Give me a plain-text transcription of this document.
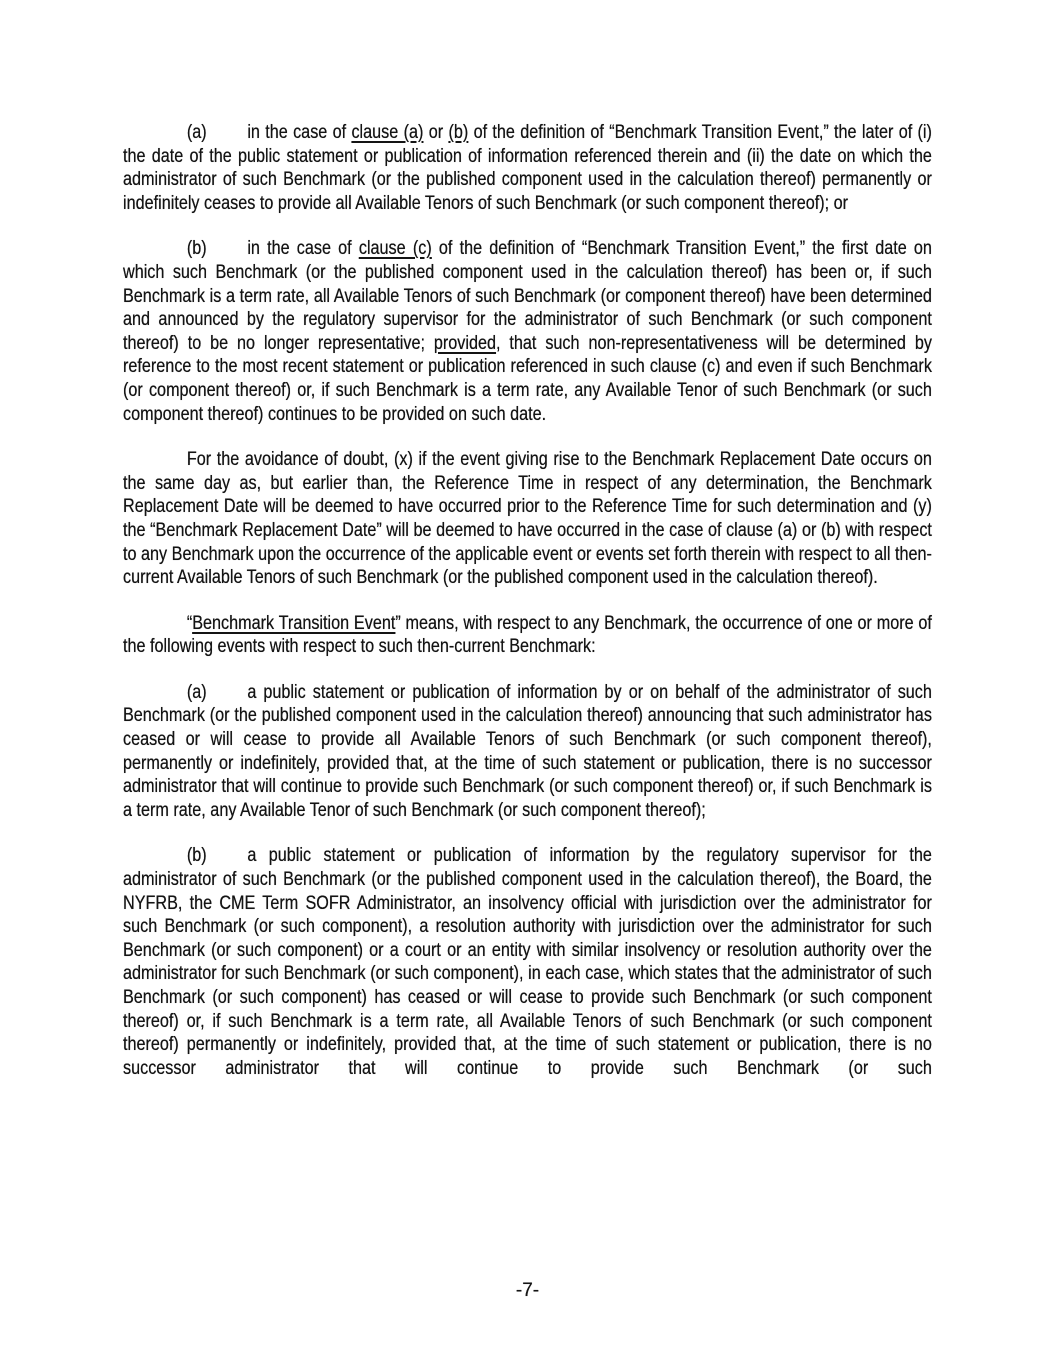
(a) in the case of clause (a) or (b) of the definition of “Benchmark Transition Event,” the later of (i) the date of the public statement or publication of information referenced therein and (ii) the date on which the administrator of such Benchmark (or the published component used in the calculation thereof) permanently or indefinitely ceases to provide all Available Tenors of such Benchmark (or such component thereof); or

(b) in the case of clause (c) of the definition of “Benchmark Transition Event,” the first date on which such Benchmark (or the published component used in the calculation thereof) has been or, if such Benchmark is a term rate, all Available Tenors of such Benchmark (or component thereof) have been determined and announced by the regulatory supervisor for the administrator of such Benchmark (or such component thereof) to be no longer representative; provided, that such non-representativeness will be determined by reference to the most recent statement or publication referenced in such clause (c) and even if such Benchmark (or component thereof) or, if such Benchmark is a term rate, any Available Tenor of such Benchmark (or such component thereof) continues to be provided on such date.

For the avoidance of doubt, (x) if the event giving rise to the Benchmark Replacement Date occurs on the same day as, but earlier than, the Reference Time in respect of any determination, the Benchmark Replacement Date will be deemed to have occurred prior to the Reference Time for such determination and (y) the “Benchmark Replacement Date” will be deemed to have occurred in the case of clause (a) or (b) with respect to any Benchmark upon the occurrence of the applicable event or events set forth therein with respect to all then-current Available Tenors of such Benchmark (or the published component used in the calculation thereof).

“Benchmark Transition Event” means, with respect to any Benchmark, the occurrence of one or more of the following events with respect to such then-current Benchmark:

(a) a public statement or publication of information by or on behalf of the administrator of such Benchmark (or the published component used in the calculation thereof) announcing that such administrator has ceased or will cease to provide all Available Tenors of such Benchmark (or such component thereof), permanently or indefinitely, provided that, at the time of such statement or publication, there is no successor administrator that will continue to provide such Benchmark (or such component thereof) or, if such Benchmark is a term rate, any Available Tenor of such Benchmark (or such component thereof);

(b) a public statement or publication of information by the regulatory supervisor for the administrator of such Benchmark (or the published component used in the calculation thereof), the Board, the NYFRB, the CME Term SOFR Administrator, an insolvency official with jurisdiction over the administrator for such Benchmark (or such component), a resolution authority with jurisdiction over the administrator for such Benchmark (or such component) or a court or an entity with similar insolvency or resolution authority over the administrator for such Benchmark (or such component), in each case, which states that the administrator of such Benchmark (or such component) has ceased or will cease to provide such Benchmark (or such component thereof) or, if such Benchmark is a term rate, all Available Tenors of such Benchmark (or such component thereof) permanently or indefinitely, provided that, at the time of such statement or publication, there is no successor administrator that will continue to provide such Benchmark (or such

-7-
